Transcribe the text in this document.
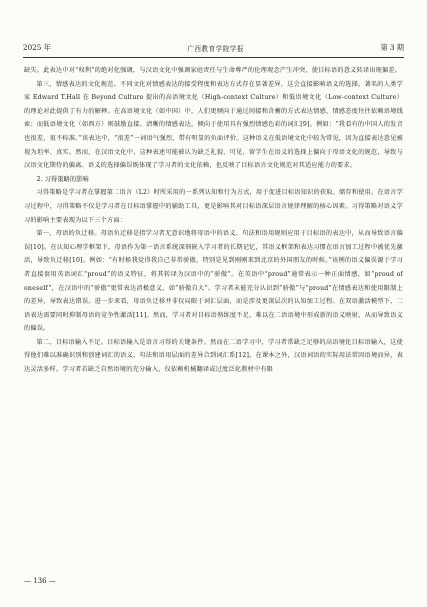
2025 年	广西教育学院学报	第 3 期

缺失。此表达中对“权利”的绝对化强调，与汉语文化中强调家庭责任与生命尊严的伦理观念产生冲突，使目标语的意义转译出现偏差。

第三，情感表达的文化规范。不同文化对情感表达的接受程度和表达方式存在显著差异，这会直接影响语义的选择。著名的人类学家 Edward T.Hall 在 Beyond Culture 提出的高语境文化（High-context Culture）和低语境文化（Low-context Culture）的理论对此提供了有力的解释。在高语境文化（如中国）中，人们更倾向于通过间接和含蓄的方式表达情感，情感态度往往依赖语境线索；而低语境文化（如西方）则鼓励直接、清晰的情感表达，倾向于使用具有强烈情感色彩的词汇[9]。例如：“我看有的中国人的发音也很差，很不标准。”该表达中，“很差”一词语气强烈，带有明显的负面评价。这种语义在低语境文化中较为常见，因为直接表达意见被视为坦率、真实。然而，在汉语文化中，这种表述可能被认为缺乏礼貌、可见，留学生在语义的选择上偏向于母语文化的规范，导致与汉语文化期待的偏离。语义的选择偏误既体现了学习者的文化依赖，也反映了目标语言文化规范对其适应能力的要求。

2. 习得策略的影响

习得策略是学习者在掌握第二语言（L2）时所采用的一系列认知和行为方式，用于促进目标语知识的获取、储存和使用。在语言学习过程中，习得策略不仅是学习者在目标语掌握中的辅助工具，更是影响其对目标语深层语言规律理解的核心因素。习得策略对语义学习的影响主要表现为以下三个方面：

第一，母语的负迁移。母语负迁移是指学习者无意识地将母语中的语义、句法和语用规则应用于目标语的表达中，从而导致语言偏误[10]。在认知心理学框架下，母语作为第一语言系统深刻嵌入学习者的长期记忆，其语义框架和表达习惯在语言加工过程中被优先激活，导致负迁移[10]。例如：“有时候我觉得我自己非常骄傲，特别是见到刚刚来到北京的外国朋友的时候。”该例的语义偏误源于学习者直接套用英语词汇“proud”的语义特征，将其转译为汉语中的“骄傲”。在英语中“proud”通常表示一种正面情感，如“proud of oneself”，在汉语中的“骄傲”更常表达消极意义，如“骄傲自大”。学习者未能充分认识到“骄傲”与“proud”在情感表达和使用限制上的差异，导致表达错误。进一步来看，母语负迁移并非仅局限于词汇层面，而是涉及更深层次的认知加工过程。在双语激活模型下，二语表达需要同时抑制母语的竞争性激活[11]。然而，学习者对目标语熟练度不足，难以在二语语境中形成新的语义映射，从而导致语义的偏误。

第二，目标语输入不足。目标语输入是语言习得的关键条件。然而在二语学习中，学习者常缺乏足够的高语境化目标语输入，这使得他们难以准确识别和创建词汇的语义、句法和语用层面的差异合到词汇系[12]。在课本之外，汉语词语的实际用法常因语境而异，表达灵活多样。学习者若缺乏自然语境的充分输入，仅依赖机械翻译或过度泛化教材中有限

— 136 —
